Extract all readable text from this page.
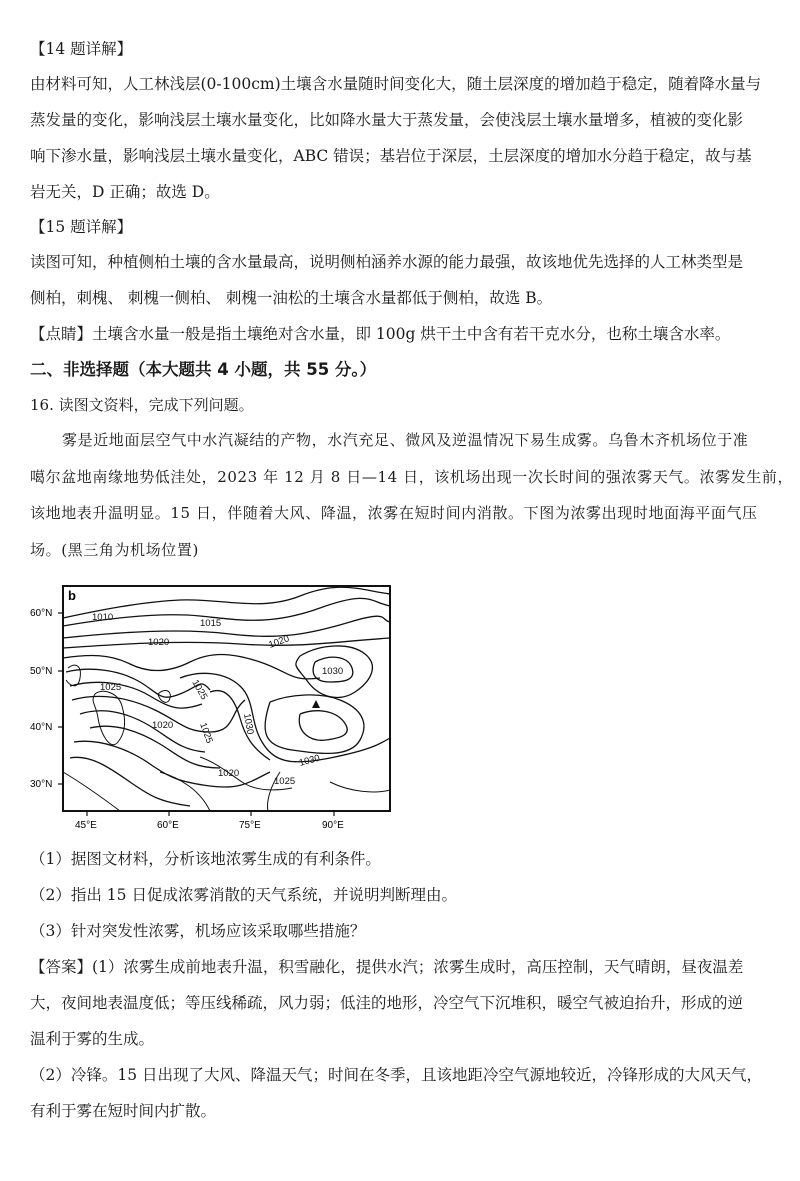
【14 题详解】

由材料可知，人工林浅层(0-100cm)土壤含水量随时间变化大，随土层深度的增加趋于稳定，随着降水量与

蒸发量的变化，影响浅层土壤水量变化，比如降水量大于蒸发量，会使浅层土壤水量增多，植被的变化影

响下渗水量，影响浅层土壤水量变化，ABC 错误；基岩位于深层，土层深度的增加水分趋于稳定，故与基

岩无关，D 正确；故选 D。

【15 题详解】

读图可知，种植侧柏土壤的含水量最高，说明侧柏涵养水源的能力最强，故该地优先选择的人工林类型是

侧柏，刺槐、 刺槐一侧柏、 刺槐一油松的土壤含水量都低于侧柏，故选 B。

【点睛】土壤含水量一般是指土壤绝对含水量，即 100g 烘干土中含有若干克水分，也称土壤含水率。

二、非选择题（本大题共 4 小题，共 55 分。）

16. 读图文资料，完成下列问题。

雾是近地面层空气中水汽凝结的产物，水汽充足、微风及逆温情况下易生成雾。乌鲁木齐机场位于准

噶尔盆地南缘地势低洼处，2023 年 12 月 8 日—14 日，该机场出现一次长时间的强浓雾天气。浓雾发生前，

该地地表升温明显。15 日，伴随着大风、降温，浓雾在短时间内消散。下图为浓雾出现时地面海平面气压

场。(黑三角为机场位置)

b
60°N
50°N
40°N
30°N
45°E	60°E	75°E	90°E
1010
1015
1020
1025	1025
1025
1020
1030
1030
1025
1020
1030
1020

（1）据图文材料，分析该地浓雾生成的有利条件。

（2）指出 15 日促成浓雾消散的天气系统，并说明判断理由。

（3）针对突发性浓雾，机场应该采取哪些措施？

【答案】(1）浓雾生成前地表升温，积雪融化，提供水汽；浓雾生成时，高压控制，天气晴朗，昼夜温差

大，夜间地表温度低；等压线稀疏，风力弱；低洼的地形，冷空气下沉堆积，暖空气被迫抬升，形成的逆

温利于雾的生成。

（2）冷锋。15 日出现了大风、降温天气；时间在冬季，且该地距冷空气源地较近，冷锋形成的大风天气，

有利于雾在短时间内扩散。
